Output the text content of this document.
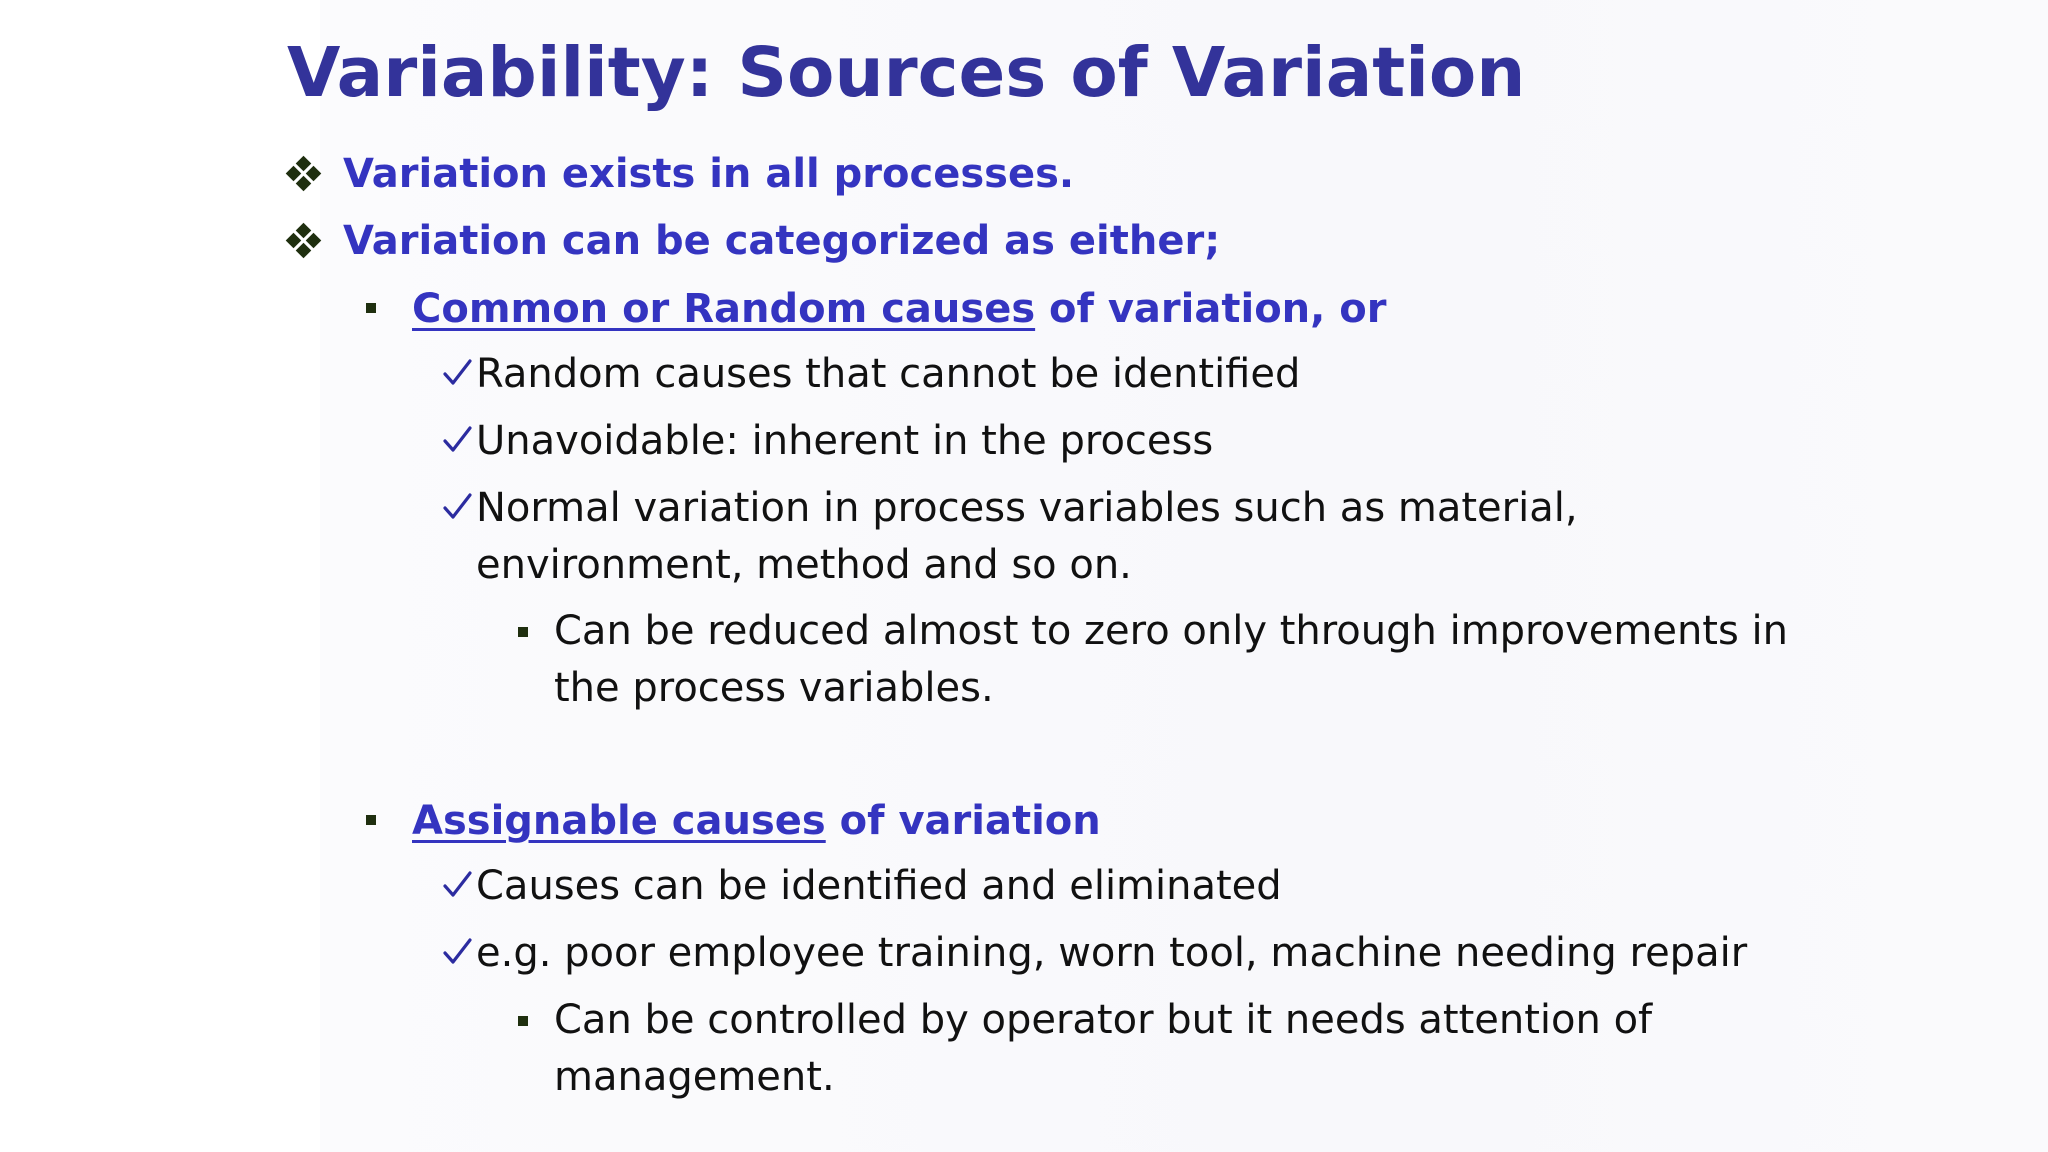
Variability: Sources of Variation
Variation exists in all processes.
Variation can be categorized as either;
Common or Random causes of variation, or
Random causes that cannot be identified
Unavoidable: inherent in the process
Normal variation in process variables such as material,
environment, method and so on.
Can be reduced almost to zero only through improvements in
the process variables.
Assignable causes of variation
Causes can be identified and eliminated
e.g. poor employee training, worn tool, machine needing repair
Can be controlled by operator but it needs attention of
management.
